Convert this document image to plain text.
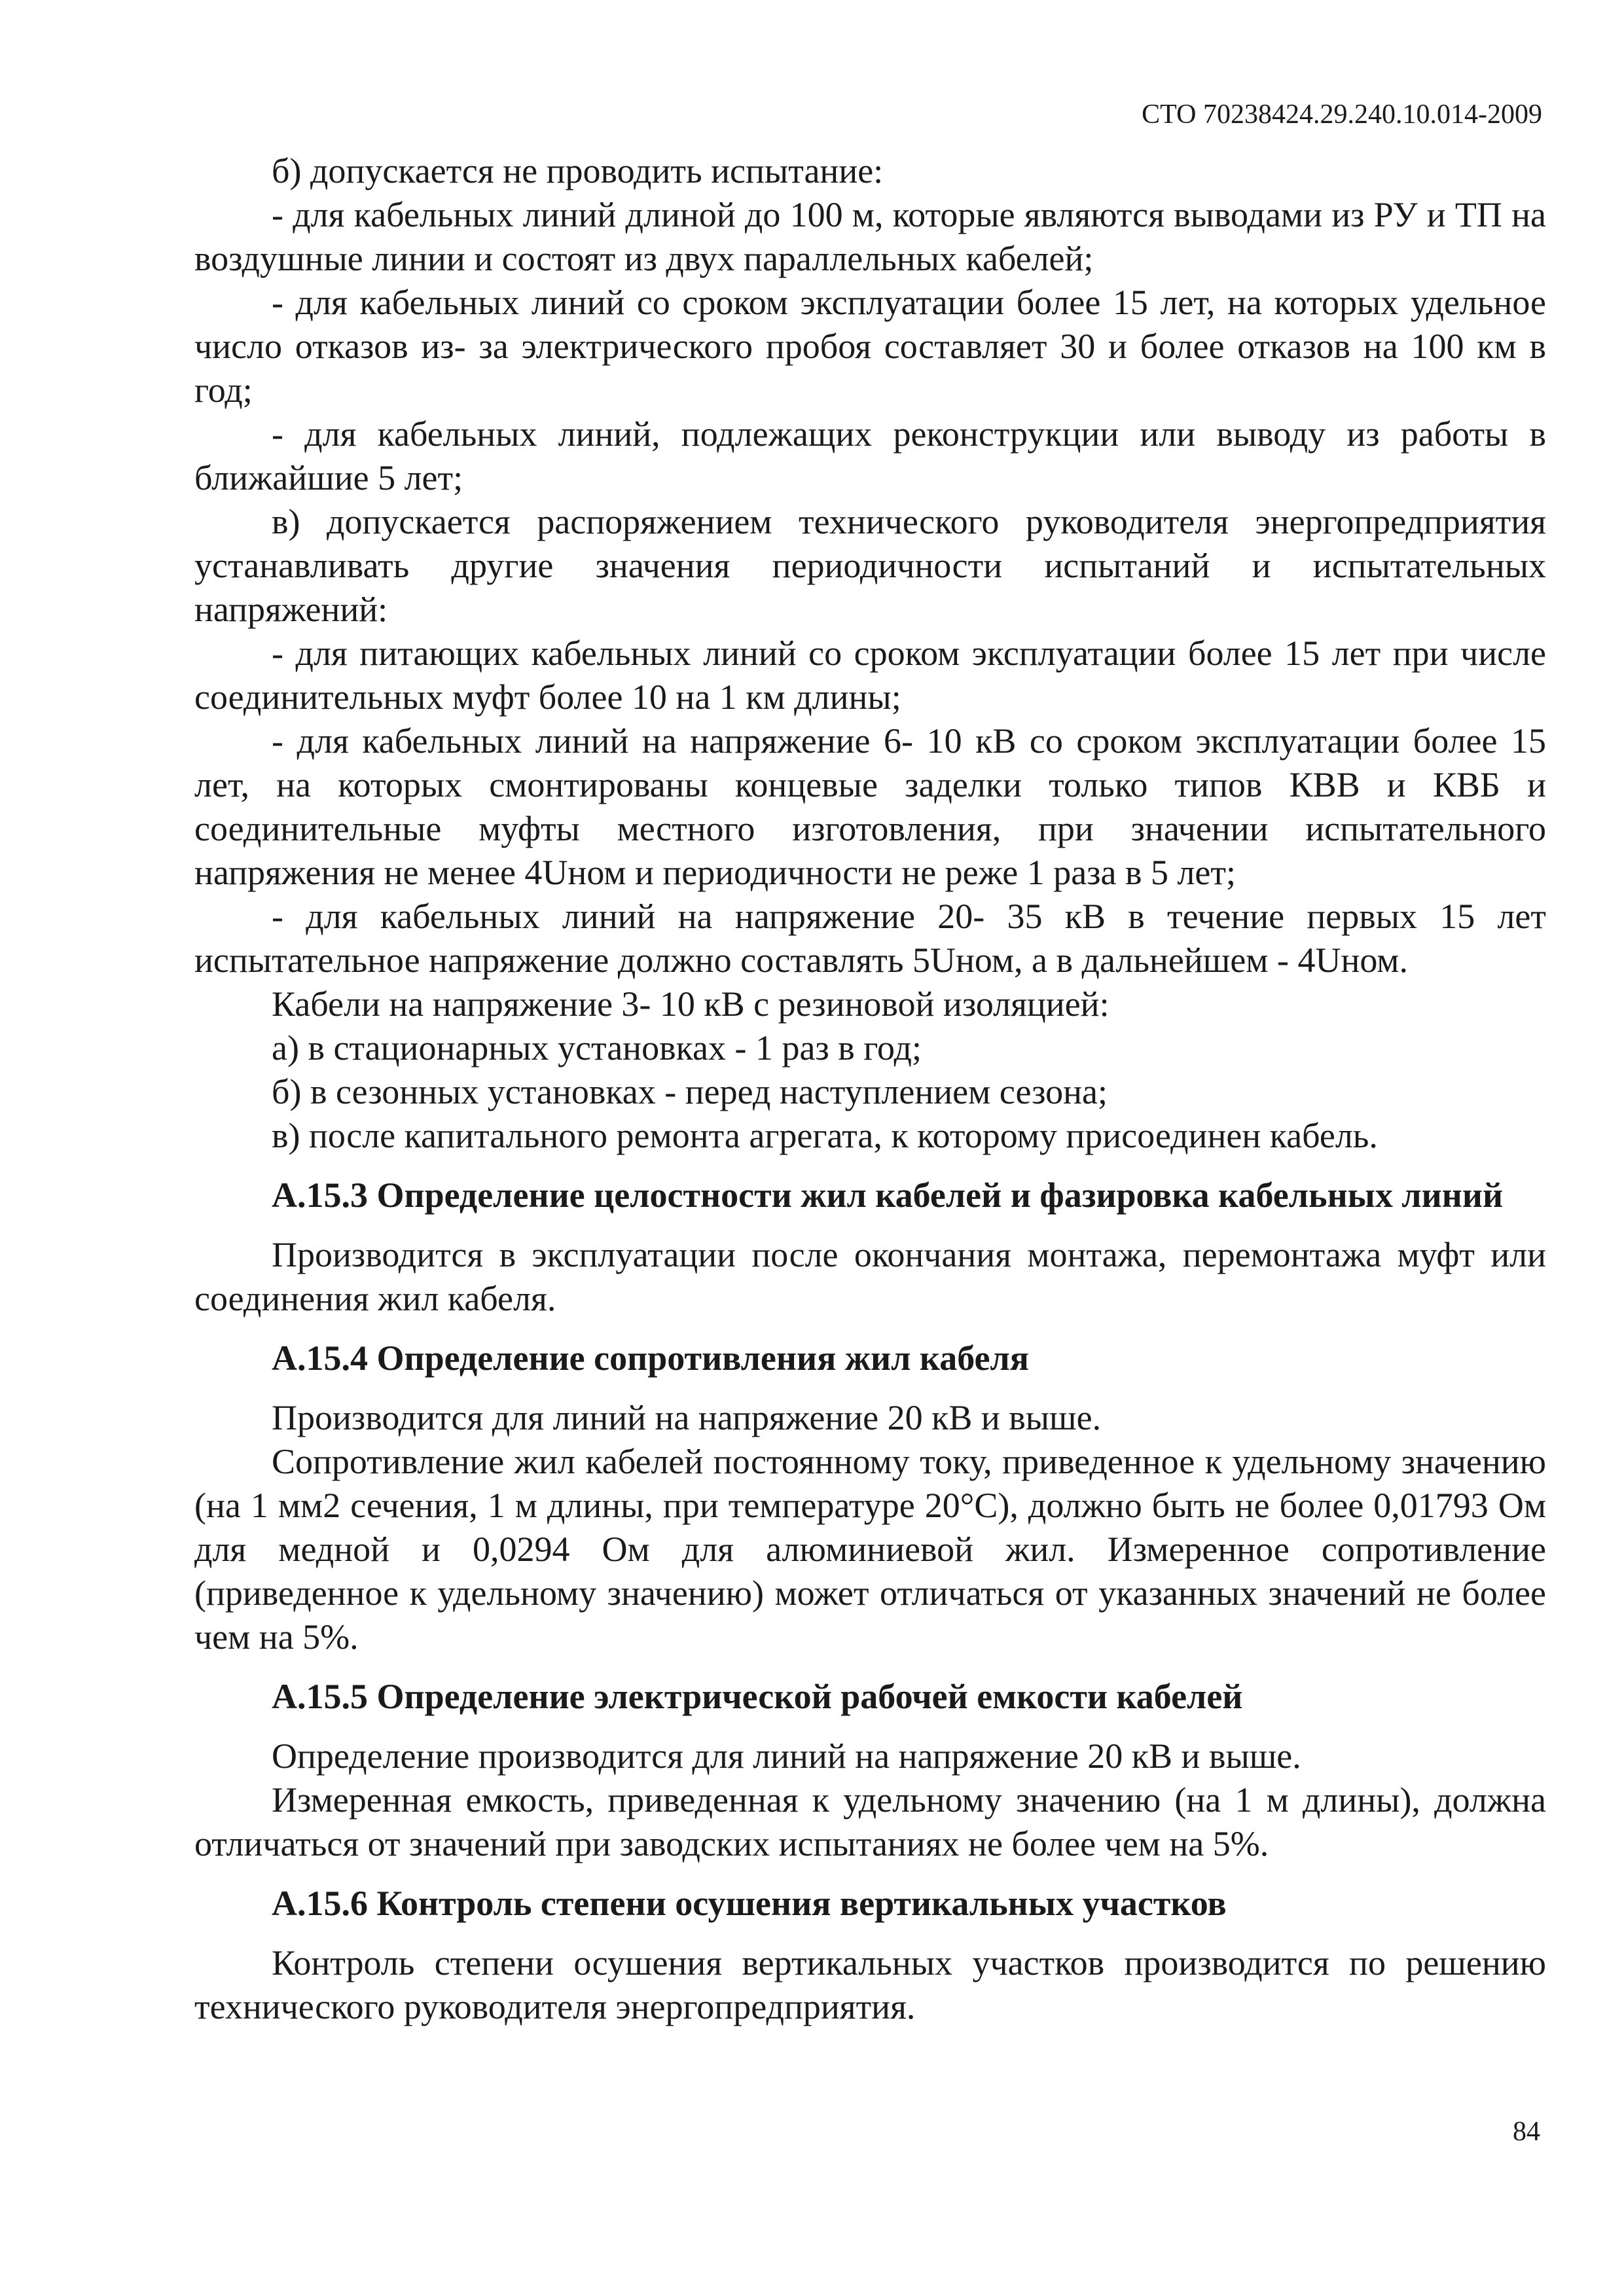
СТО 70238424.29.240.10.014-2009

б) допускается не проводить испытание:

- для кабельных линий длиной до 100 м, которые являются выводами из РУ и ТП на воздушные линии и состоят из двух параллельных кабелей;

- для кабельных линий со сроком эксплуатации более 15 лет, на которых удельное число отказов из- за электрического пробоя составляет 30 и более отказов на 100 км в год;

- для кабельных линий, подлежащих реконструкции или выводу из работы в ближайшие 5 лет;

в) допускается распоряжением технического руководителя энергопредприятия устанавливать другие значения периодичности испытаний и испытательных напряжений:

- для питающих кабельных линий со сроком эксплуатации более 15 лет при числе соединительных муфт более 10 на 1 км длины;

- для кабельных линий на напряжение 6- 10 кВ со сроком эксплуатации более 15 лет, на которых смонтированы концевые заделки только типов КВВ и КВБ и соединительные муфты местного изготовления, при значении испытательного напряжения не менее 4Uном и периодичности не реже 1 раза в 5 лет;

- для кабельных линий на напряжение 20- 35 кВ в течение первых 15 лет испытательное напряжение должно составлять 5Uном, а в дальнейшем - 4Uном.

Кабели на напряжение 3- 10 кВ с резиновой изоляцией:

а) в стационарных установках - 1 раз в год;

б) в сезонных установках - перед наступлением сезона;

в) после капитального ремонта агрегата, к которому присоединен кабель.

А.15.3 Определение целостности жил кабелей и фазировка кабельных линий

Производится в эксплуатации после окончания монтажа, перемонтажа муфт или соединения жил кабеля.

А.15.4 Определение сопротивления жил кабеля

Производится для линий на напряжение 20 кВ и выше.

Сопротивление жил кабелей постоянному току, приведенное к удельному значению (на 1 мм2 сечения, 1 м длины, при температуре 20°С), должно быть не более 0,01793 Ом для медной и 0,0294 Ом для алюминиевой жил. Измеренное сопротивление (приведенное к удельному значению) может отличаться от указанных значений не более чем на 5%.

А.15.5 Определение электрической рабочей емкости кабелей

Определение производится для линий на напряжение 20 кВ и выше.

Измеренная емкость, приведенная к удельному значению (на 1 м длины), должна отличаться от значений при заводских испытаниях не более чем на 5%.

А.15.6 Контроль степени осушения вертикальных участков

Контроль степени осушения вертикальных участков производится по решению технического руководителя энергопредприятия.

84
